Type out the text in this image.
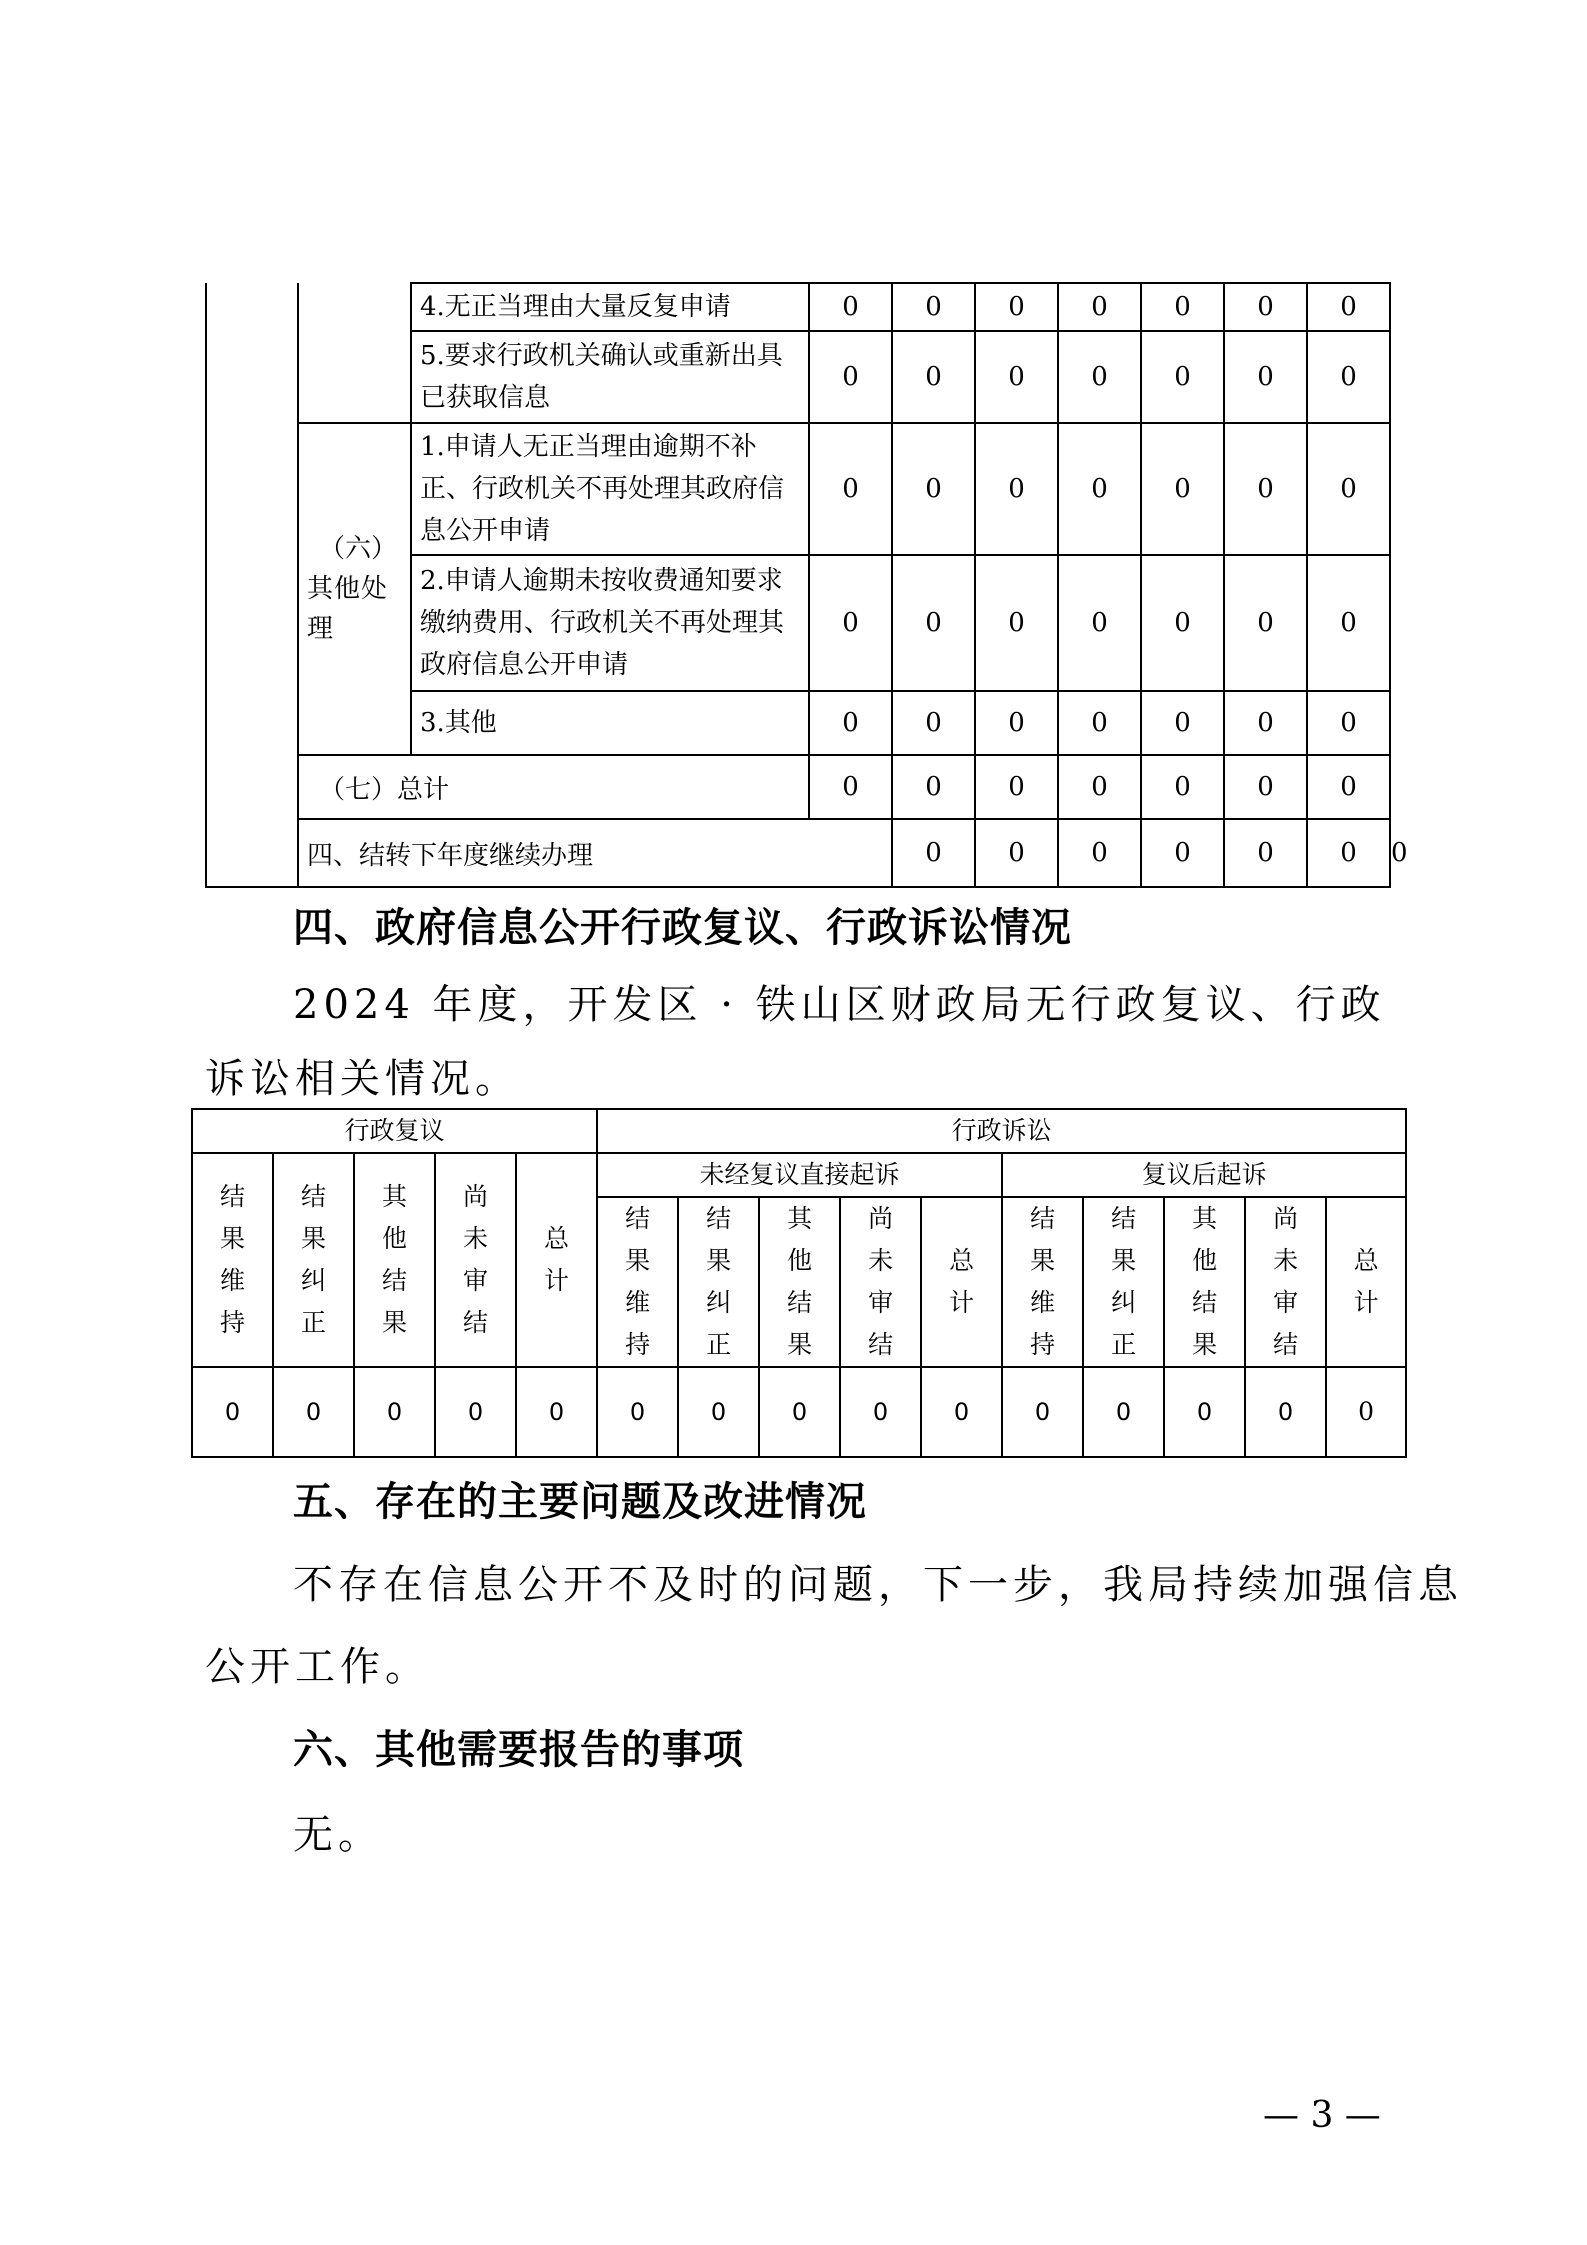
		4.无正当理由大量反复申请	0	0	0	0	0	0	0	
		5.要求行政机关确认或重新出具已获取信息	0	0	0	0	0	0	0	

	（六）
其他处
理	1.申请人无正当理由逾期不补正、行政机关不再处理其政府信息公开申请	0	0	0	0	0	0	0	
		2.申请人逾期未按收费通知要求缴纳费用、行政机关不再处理其政府信息公开申请	0	0	0	0	0	0	0	
		3.其他	0	0	0	0	0	0	0	
	（七）总计		0	0	0	0	0	0	0	
	四、结转下年度继续办理			0	0	0	0	0	0	0
四、政府信息公开行政复议、行政诉讼情况
2024 年度，开发区 · 铁山区财政局无行政复议、行政诉讼相关情况。
行政复议					行政诉讼									
结果维持	结果纠正	其他结果	尚未审结	总计	未经复议直接起诉					复议后起诉				
					结果维持	结果纠正	其他结果	尚未审结	总计	结果维持	结果纠正	其他结果	尚未审结	总计
0	0	0	0	0	0	0	0	0	0	0	0	0	0	0
五、存在的主要问题及改进情况
不存在信息公开不及时的问题，下一步，我局持续加强信息
公开工作。
六、其他需要报告的事项
无。
— 3 —
